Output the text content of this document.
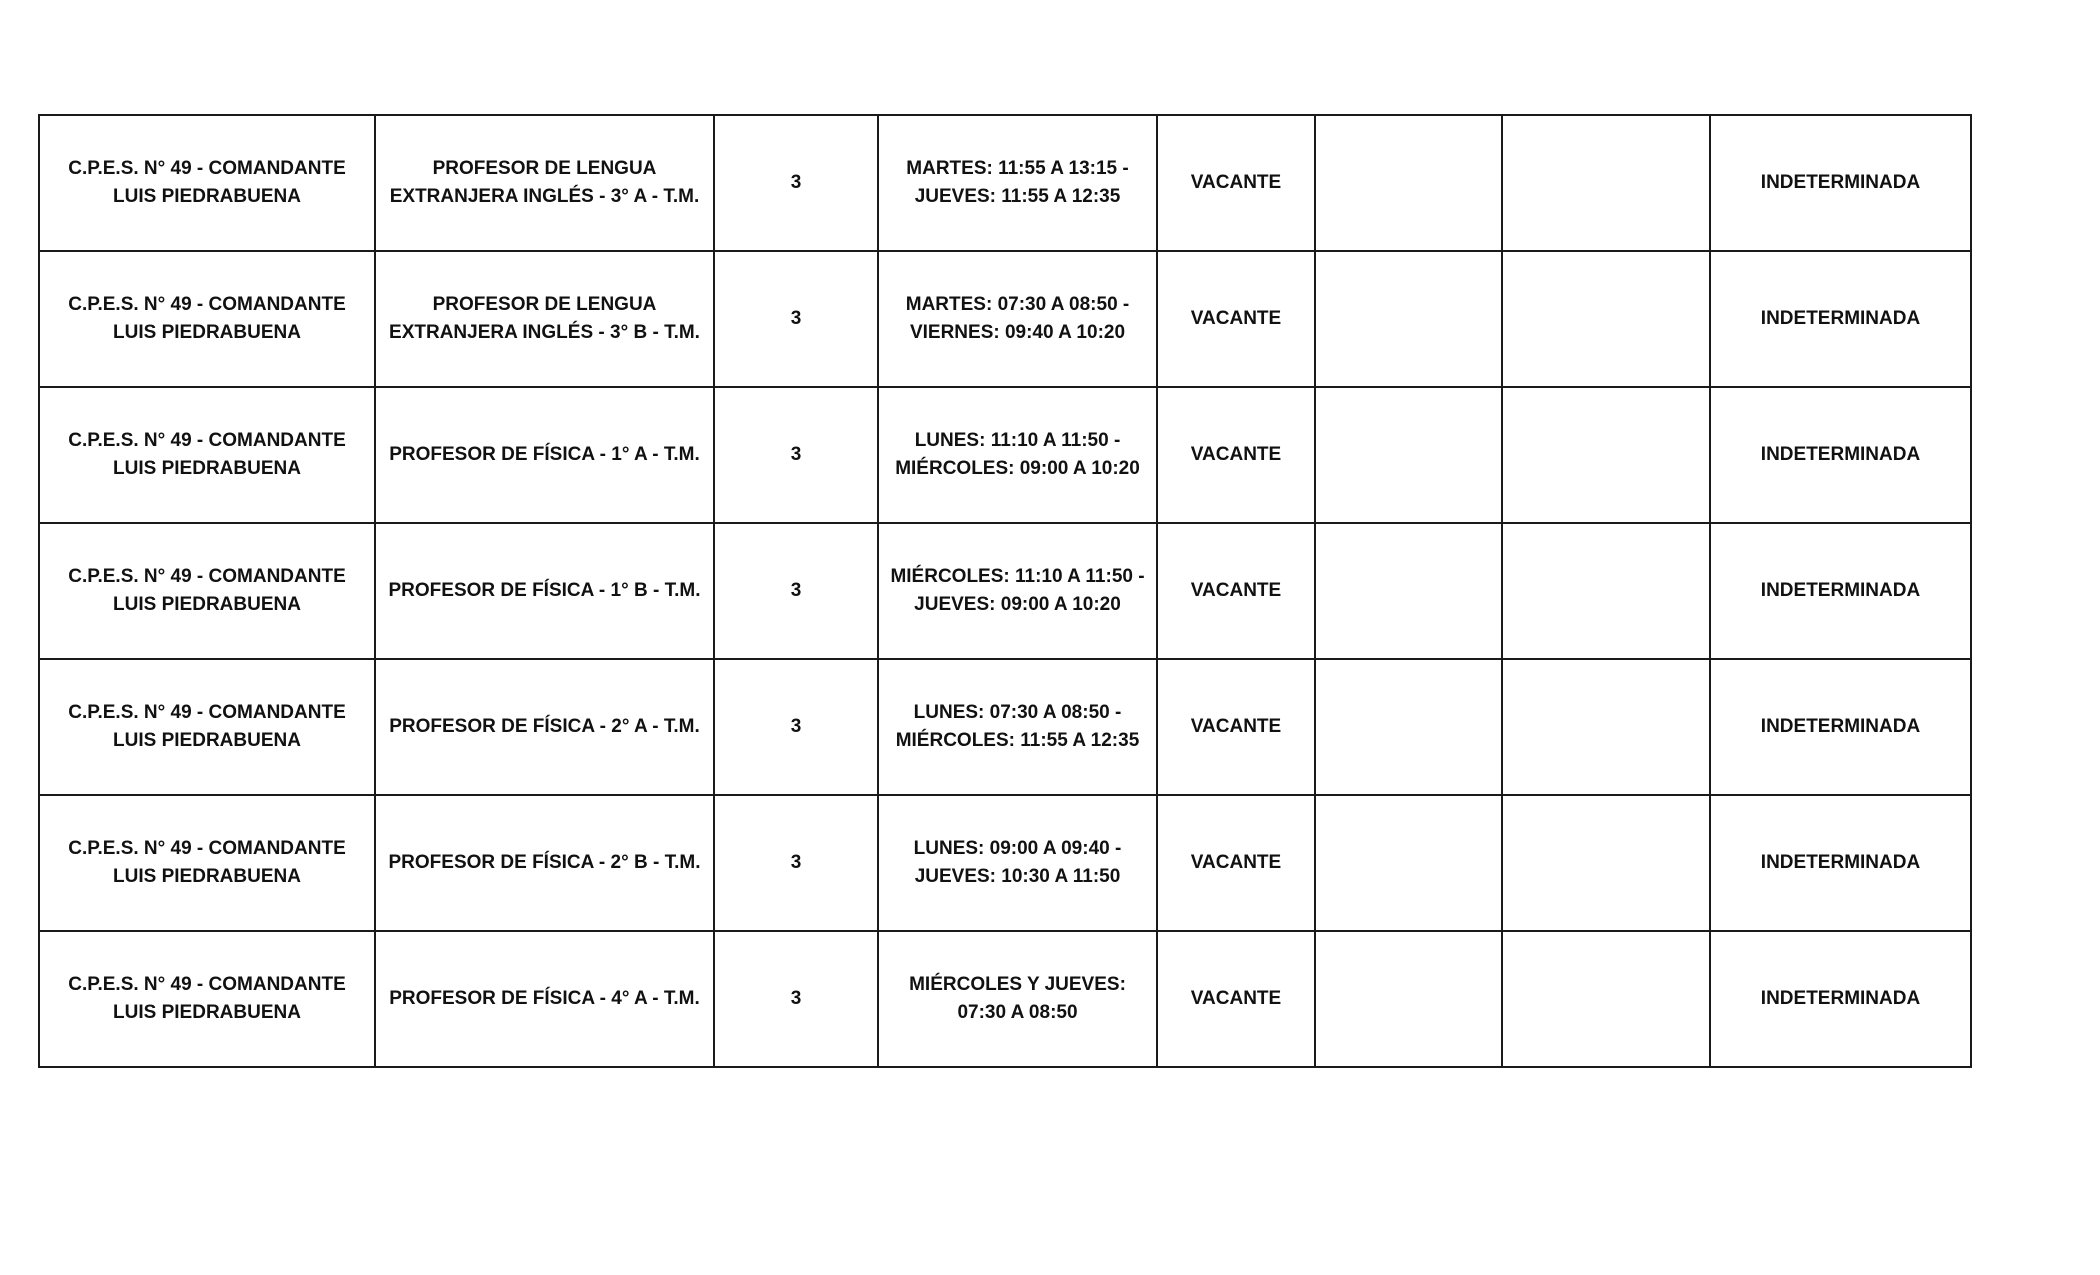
C.P.E.S. N° 49 - COMANDANTE LUIS PIEDRABUENA	PROFESOR DE LENGUA EXTRANJERA INGLÉS - 3° A - T.M.	3	MARTES: 11:55 A 13:15 - JUEVES: 11:55 A 12:35	VACANTE			INDETERMINADA
C.P.E.S. N° 49 - COMANDANTE LUIS PIEDRABUENA	PROFESOR DE LENGUA EXTRANJERA INGLÉS - 3° B - T.M.	3	MARTES: 07:30 A 08:50 - VIERNES: 09:40 A 10:20	VACANTE			INDETERMINADA
C.P.E.S. N° 49 - COMANDANTE LUIS PIEDRABUENA	PROFESOR DE FÍSICA - 1° A - T.M.	3	LUNES: 11:10 A 11:50 - MIÉRCOLES: 09:00 A 10:20	VACANTE			INDETERMINADA
C.P.E.S. N° 49 - COMANDANTE LUIS PIEDRABUENA	PROFESOR DE FÍSICA - 1° B - T.M.	3	MIÉRCOLES: 11:10 A 11:50 - JUEVES: 09:00 A 10:20	VACANTE			INDETERMINADA
C.P.E.S. N° 49 - COMANDANTE LUIS PIEDRABUENA	PROFESOR DE FÍSICA - 2° A - T.M.	3	LUNES: 07:30 A 08:50 - MIÉRCOLES: 11:55 A 12:35	VACANTE			INDETERMINADA
C.P.E.S. N° 49 - COMANDANTE LUIS PIEDRABUENA	PROFESOR DE FÍSICA - 2° B - T.M.	3	LUNES: 09:00 A 09:40 - JUEVES: 10:30 A 11:50	VACANTE			INDETERMINADA
C.P.E.S. N° 49 - COMANDANTE LUIS PIEDRABUENA	PROFESOR DE FÍSICA - 4° A - T.M.	3	MIÉRCOLES Y JUEVES: 07:30 A 08:50	VACANTE			INDETERMINADA
